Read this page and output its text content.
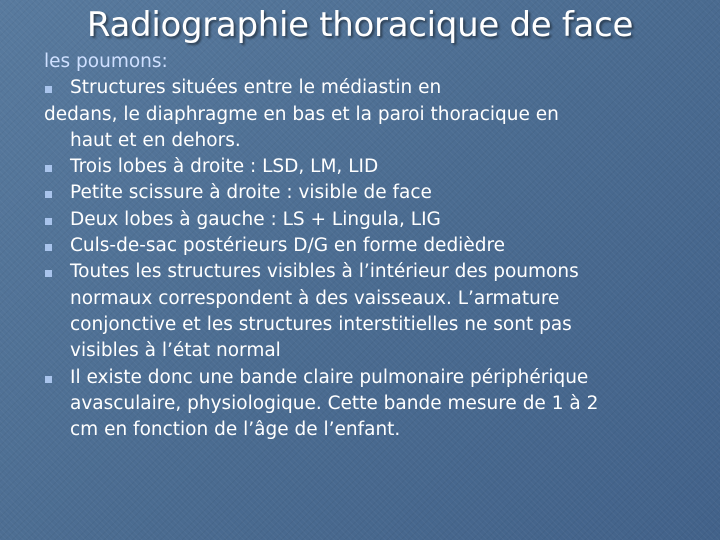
Radiographie thoracique de face
les poumons:
Structures situées entre le médiastin en
dedans, le diaphragme en bas et la paroi thoracique en
haut et en dehors.
Trois lobes à droite : LSD, LM, LID
Petite scissure à droite : visible de face
Deux lobes à gauche : LS + Lingula, LIG
Culs-de-sac postérieurs D/G en forme dedièdre
Toutes les structures visibles à l’intérieur des poumons
normaux correspondent à des vaisseaux. L’armature
conjonctive et les structures interstitielles ne sont pas
visibles à l’état normal
Il existe donc une bande claire pulmonaire périphérique
avasculaire, physiologique. Cette bande mesure de 1 à 2
cm en fonction de l’âge de l’enfant.
